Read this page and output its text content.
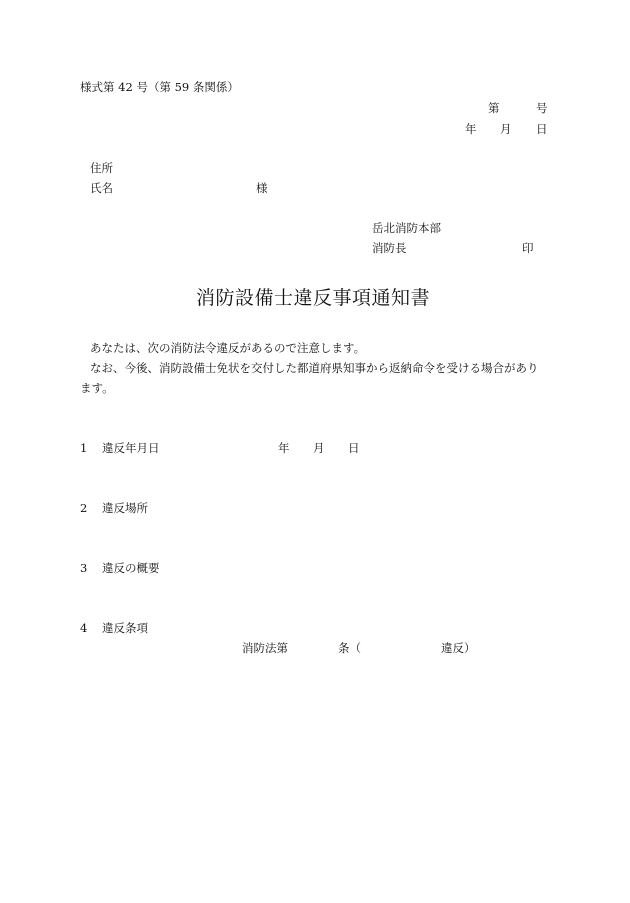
様式第 42 号（第 59 条関係）
第	号
年 月 日
住所
氏名	様
岳北消防本部
消防長	印
消防設備士違反事項通知書
あなたは、次の消防法令違反があるので注意します。
なお、今後、消防設備士免状を交付した都道府県知事から返納命令を受ける場合があり
ます。
1 違反年月日	年 月 日
2 違反場所
3 違反の概要
4 違反条項
消防法第	条（	違反）
